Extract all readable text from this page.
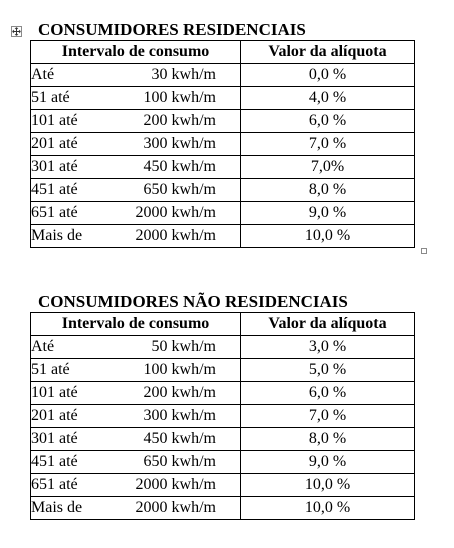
CONSUMIDORES RESIDENCIAIS
Intervalo de consumo	Valor da alíquota

Até 30 kwh/m	0,0 %

51 até 100 kwh/m	4,0 %

101 até 200 kwh/m	6,0 %

201 até 300 kwh/m	7,0 %

301 até 450 kwh/m	7,0%

451 até 650 kwh/m	8,0 %

651 até 2000 kwh/m	9,0 %

Mais de 2000 kwh/m	10,0 %
CONSUMIDORES NÃO RESIDENCIAIS
Intervalo de consumo	Valor da alíquota

Até 50 kwh/m	3,0 %

51 até 100 kwh/m	5,0 %

101 até 200 kwh/m	6,0 %

201 até 300 kwh/m	7,0 %

301 até 450 kwh/m	8,0 %

451 até 650 kwh/m	9,0 %

651 até 2000 kwh/m	10,0 %

Mais de 2000 kwh/m	10,0 %
